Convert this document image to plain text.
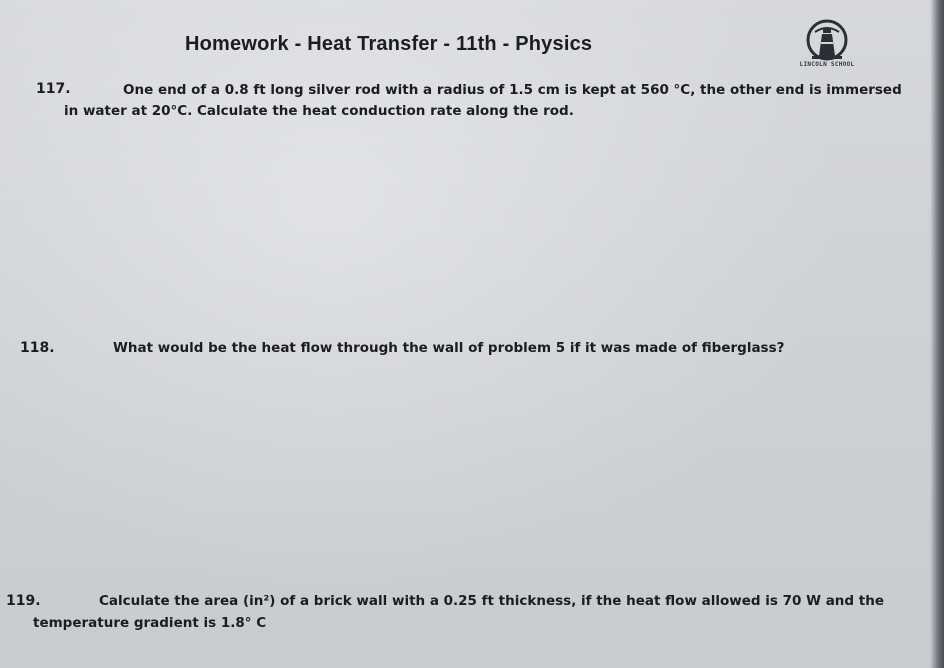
Homework - Heat Transfer - 11th - Physics
LINCOLN SCHOOL
117.	One end of a 0.8 ft long silver rod with a radius of 1.5 cm is kept at 560 °C, the other end is immersed
in water at 20°C. Calculate the heat conduction rate along the rod.
118.	What would be the heat flow through the wall of problem 5 if it was made of fiberglass?
119.	Calculate the area (in²) of a brick wall with a 0.25 ft thickness, if the heat flow allowed is 70 W and the
temperature gradient is 1.8° C
